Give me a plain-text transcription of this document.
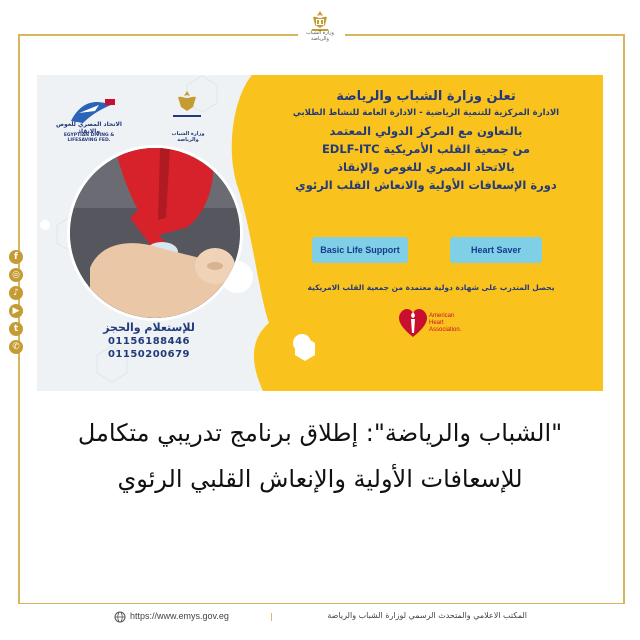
وزارة الشباب والرياضة
f
◎
♪
▶
t
✆
الاتحاد المصري للغوص والانقاذ
EGYPTIAN DIVING & LIFESAVING FED.
وزارة الشباب والرياضة
للإستعلام والحجز
01156188446
01150200679
تعلن وزارة الشباب والرياضة
الادارة المركزية للتنمية الرياضية - الادارة العامة للنشاط الطلابي
بالتعاون مع المركز الدولي المعتمد
من جمعية القلب الأمريكية EDLF-ITC
بالاتحاد المصري للغوص والإنقاذ
دورة الإسعافات الأولية والانعاش القلب الرئوي
Basic Life Support	Heart Saver
يحصل المتدرب على شهادة دولية معتمدة من جمعية القلب الامريكية
American
Heart
Association.
"الشباب والرياضة": إطلاق برنامج تدريبي متكامل للإسعافات الأولية والإنعاش القلبي الرئوي
https://www.emys.gov.eg	|	المكتب الاعلامي والمتحدث الرسمي لوزارة الشباب والرياضة
